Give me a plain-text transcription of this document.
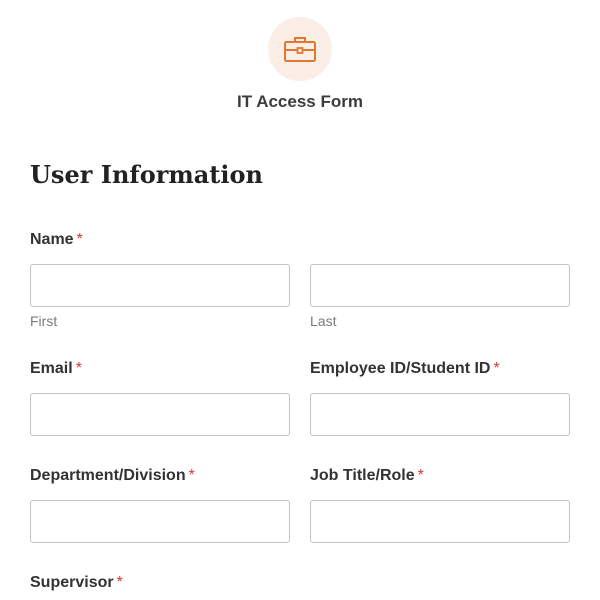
IT Access Form
User Information
Name *
First	Last
Email *	Employee ID/Student ID *
Department/Division *	Job Title/Role *
Supervisor *
